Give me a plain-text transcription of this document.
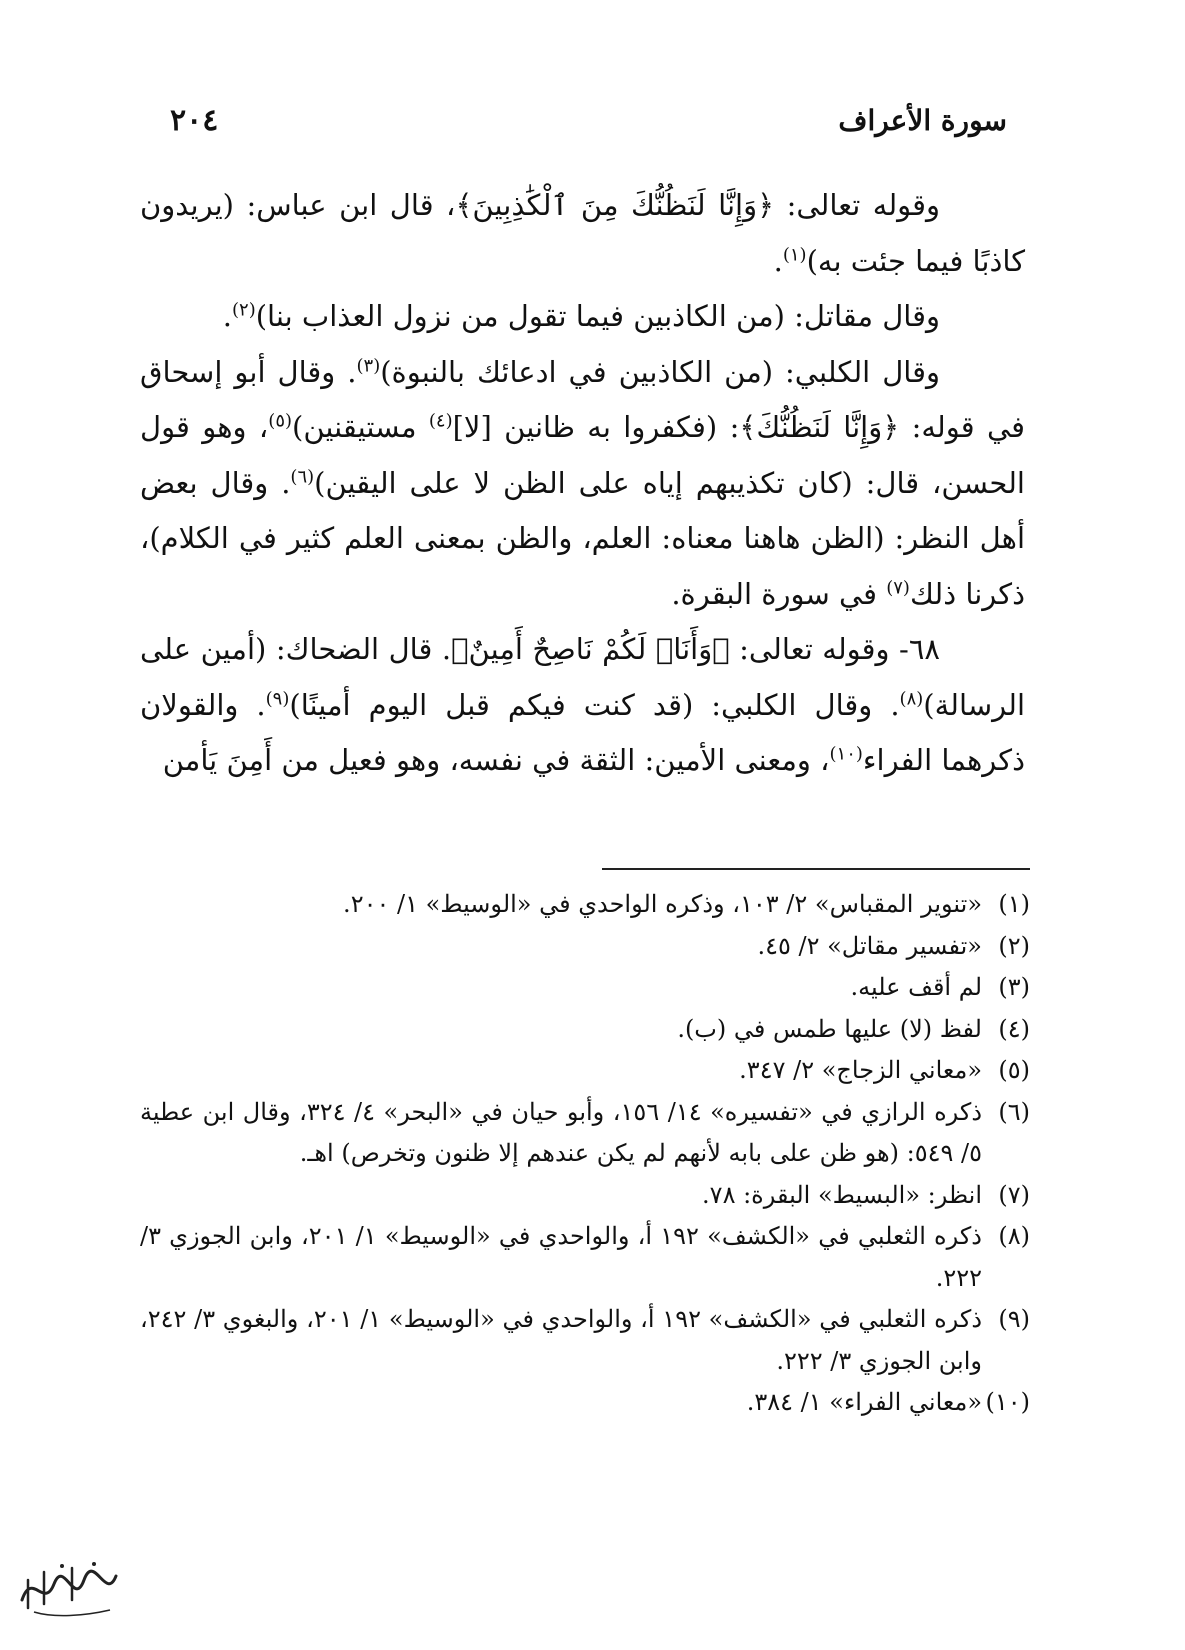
سورة الأعراف
٢٠٤

وقوله تعالى: ﴿وَإِنَّا لَنَظُنُّكَ مِنَ ٱلْكَٰذِبِينَ﴾، قال ابن عباس: (يريدون كاذبًا فيما جئت به)$^{(١)}$.

وقال مقاتل: (من الكاذبين فيما تقول من نزول العذاب بنا)$^{(٢)}$.

وقال الكلبي: (من الكاذبين في ادعائك بالنبوة)$^{(٣)}$. وقال أبو إسحاق في قوله: ﴿وَإِنَّا لَنَظُنُّكَ﴾: (فكفروا به ظانين [لا]$^{(٤)}$ مستيقنين)$^{(٥)}$، وهو قول الحسن، قال: (كان تكذيبهم إياه على الظن لا على اليقين)$^{(٦)}$. وقال بعض أهل النظر: (الظن هاهنا معناه: العلم، والظن بمعنى العلم كثير في الكلام)، ذكرنا ذلك$^{(٧)}$ في سورة البقرة.

٦٨- وقوله تعالى: ﴿وَأَنَا۠ لَكُمْ نَاصِحٌ أَمِينٌ﴾. قال الضحاك: (أمين على الرسالة)$^{(٨)}$. وقال الكلبي: (قد كنت فيكم قبل اليوم أمينًا)$^{(٩)}$. والقولان ذكرهما الفراء$^{(١٠)}$، ومعنى الأمين: الثقة في نفسه، وهو فعيل من أَمِنَ يَأمن

(١)
«تنوير المقباس» ٢/ ١٠٣، وذكره الواحدي في «الوسيط» ١/ ٢٠٠.
(٢)
«تفسير مقاتل» ٢/ ٤٥.
(٣)
لم أقف عليه.
(٤)
لفظ (لا) عليها طمس في (ب).
(٥)
«معاني الزجاج» ٢/ ٣٤٧.
(٦)
ذكره الرازي في «تفسيره» ١٤/ ١٥٦، وأبو حيان في «البحر» ٤/ ٣٢٤، وقال ابن عطية ٥/ ٥٤٩: (هو ظن على بابه لأنهم لم يكن عندهم إلا ظنون وتخرص) اهـ.
(٧)
انظر: «البسيط» البقرة: ٧٨.
(٨)
ذكره الثعلبي في «الكشف» ١٩٢ أ، والواحدي في «الوسيط» ١/ ٢٠١، وابن الجوزي ٣/ ٢٢٢.
(٩)
ذكره الثعلبي في «الكشف» ١٩٢ أ، والواحدي في «الوسيط» ١/ ٢٠١، والبغوي ٣/ ٢٤٢، وابن الجوزي ٣/ ٢٢٢.
(١٠)
«معاني الفراء» ١/ ٣٨٤.
